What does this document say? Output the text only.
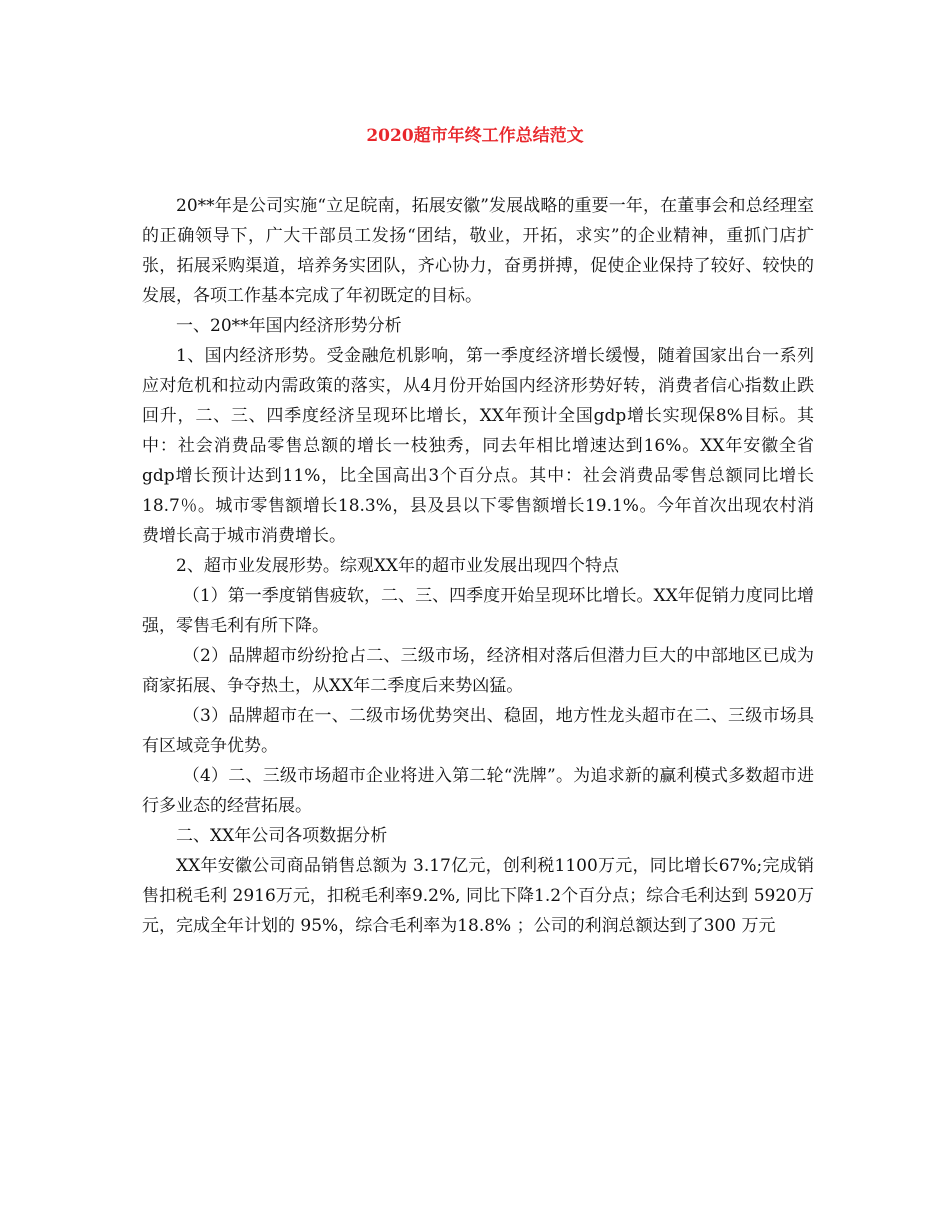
2020超市年终工作总结范文

20**年是公司实施“立足皖南，拓展安徽”发展战略的重要一年，在董事会和总经理室的正确领导下，广大干部员工发扬“团结，敬业，开拓，求实”的企业精神，重抓门店扩张，拓展采购渠道，培养务实团队，齐心协力，奋勇拼搏，促使企业保持了较好、较快的发展，各项工作基本完成了年初既定的目标。

一、20**年国内经济形势分析

1、国内经济形势。受金融危机影响，第一季度经济增长缓慢，随着国家出台一系列应对危机和拉动内需政策的落实，从4月份开始国内经济形势好转，消费者信心指数止跌回升，二、三、四季度经济呈现环比增长，XX年预计全国gdp增长实现保8%目标。其中：社会消费品零售总额的增长一枝独秀，同去年相比增速达到16%。XX年安徽全省gdp增长预计达到11%，比全国高出3个百分点。其中：社会消费品零售总额同比增长18.7％。城市零售额增长18.3%，县及县以下零售额增长19.1%。今年首次出现农村消费增长高于城市消费增长。

2、超市业发展形势。综观XX年的超市业发展出现四个特点

（1）第一季度销售疲软，二、三、四季度开始呈现环比增长。XX年促销力度同比增强，零售毛利有所下降。

（2）品牌超市纷纷抢占二、三级市场，经济相对落后但潜力巨大的中部地区已成为商家拓展、争夺热土，从XX年二季度后来势凶猛。

（3）品牌超市在一、二级市场优势突出、稳固，地方性龙头超市在二、三级市场具有区域竞争优势。

（4）二、三级市场超市企业将进入第二轮“洗牌”。为追求新的赢利模式多数超市进行多业态的经营拓展。

二、XX年公司各项数据分析

XX年安徽公司商品销售总额为 3.17亿元，创利税1100万元，同比增长67%;完成销售扣税毛利 2916万元，扣税毛利率9.2%, 同比下降1.2个百分点；综合毛利达到 5920万元，完成全年计划的 95%，综合毛利率为18.8% ；公司的利润总额达到了300 万元
